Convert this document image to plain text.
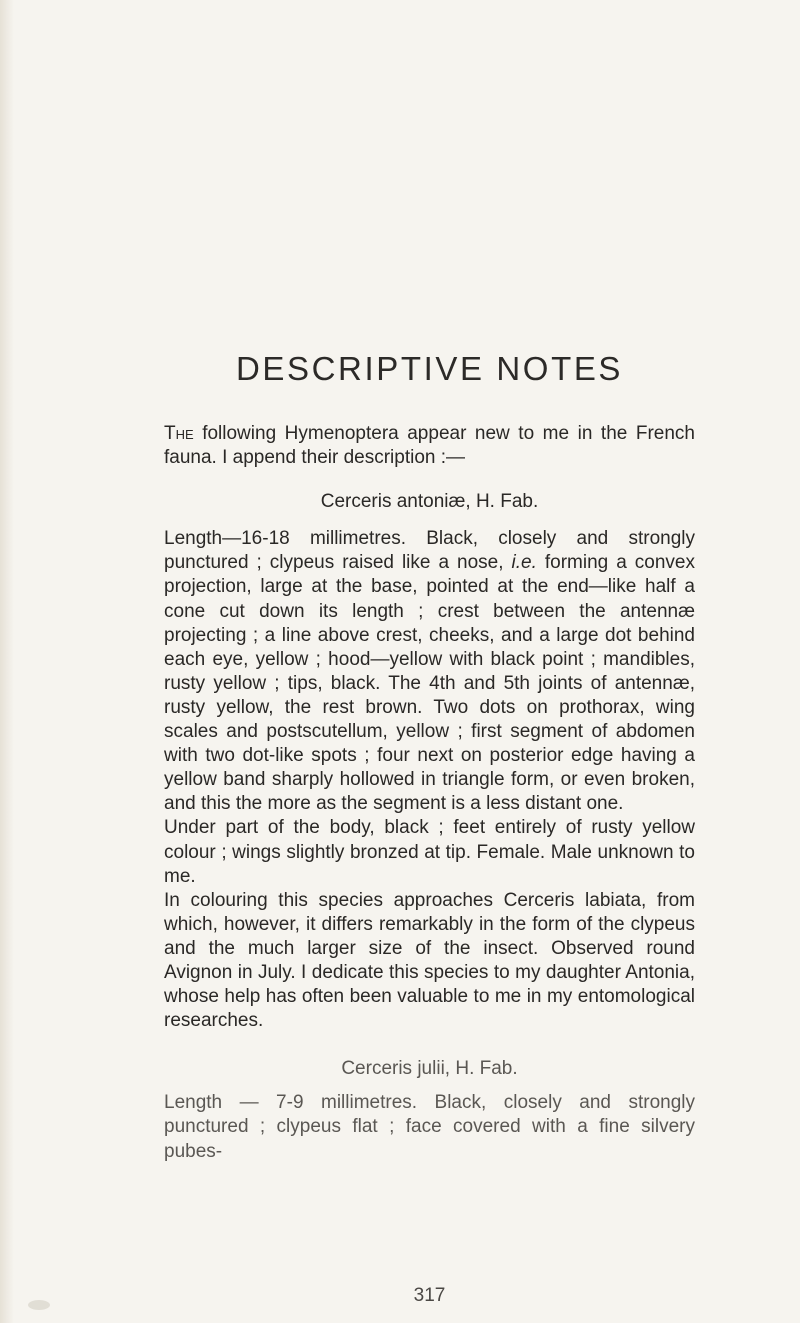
DESCRIPTIVE NOTES

The following Hymenoptera appear new to me in the French fauna. I append their description :—

Cerceris antoniæ, H. Fab.

Length—16-18 millimetres. Black, closely and strongly punctured ; clypeus raised like a nose, i.e. forming a convex projection, large at the base, pointed at the end—like half a cone cut down its length ; crest between the antennæ projecting ; a line above crest, cheeks, and a large dot behind each eye, yellow ; hood—yellow with black point ; mandibles, rusty yellow ; tips, black. The 4th and 5th joints of antennæ, rusty yellow, the rest brown. Two dots on prothorax, wing scales and postscutellum, yellow ; first segment of abdomen with two dot-like spots ; four next on posterior edge having a yellow band sharply hollowed in triangle form, or even broken, and this the more as the segment is a less distant one.

Under part of the body, black ; feet entirely of rusty yellow colour ; wings slightly bronzed at tip. Female. Male unknown to me.

In colouring this species approaches Cerceris labiata, from which, however, it differs remarkably in the form of the clypeus and the much larger size of the insect. Observed round Avignon in July. I dedicate this species to my daughter Antonia, whose help has often been valuable to me in my entomological researches.

Cerceris julii, H. Fab.

Length — 7-9 millimetres. Black, closely and strongly punctured ; clypeus flat ; face covered with a fine silvery pubes-

317
